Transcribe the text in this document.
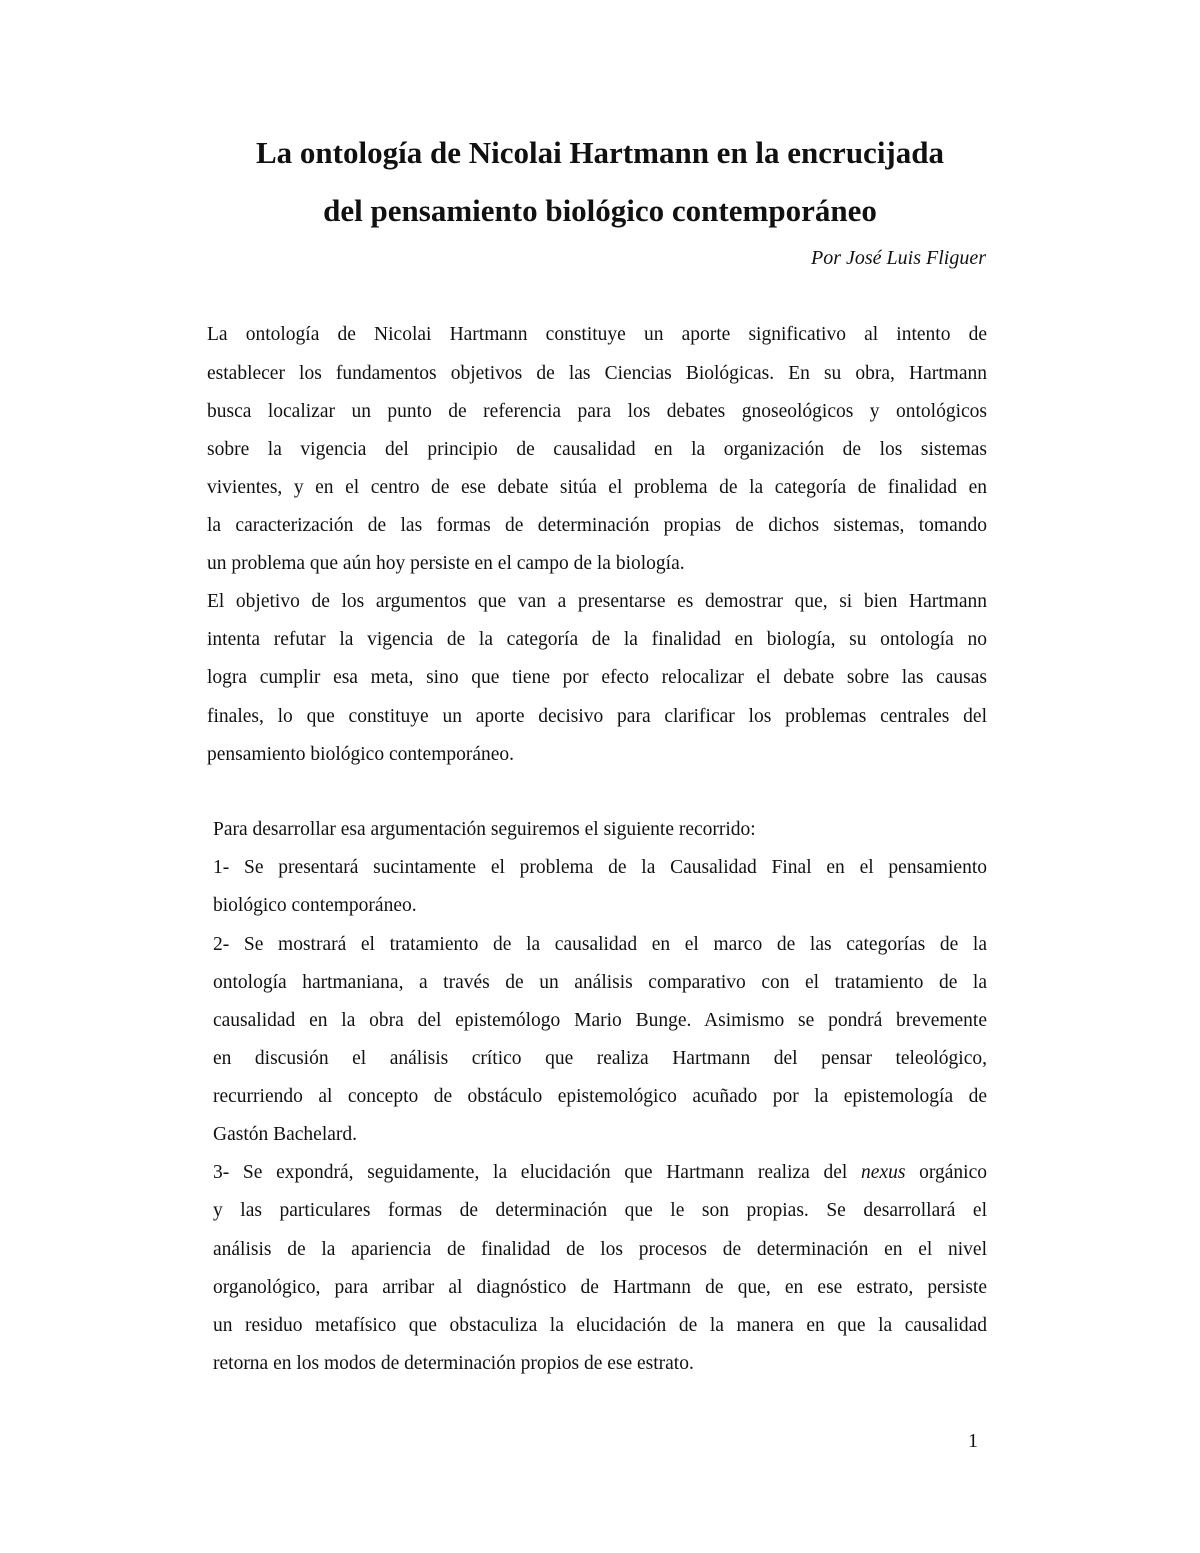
La ontología de Nicolai Hartmann en la encrucijada
del pensamiento biológico contemporáneo
Por José Luis Fliguer
La ontología de Nicolai Hartmann constituye un aporte significativo al intento de
establecer los fundamentos objetivos de las Ciencias Biológicas. En su obra, Hartmann
busca localizar un punto de referencia para los debates gnoseológicos y ontológicos
sobre la vigencia del principio de causalidad en la organización de los sistemas
vivientes, y en el centro de ese debate sitúa el problema de la categoría de finalidad en
la caracterización de las formas de determinación propias de dichos sistemas, tomando
un problema que aún hoy persiste en el campo de la biología.
El objetivo de los argumentos que van a presentarse es demostrar que, si bien Hartmann
intenta refutar la vigencia de la categoría de la finalidad en biología, su ontología no
logra cumplir esa meta, sino que tiene por efecto relocalizar el debate sobre las causas
finales, lo que constituye un aporte decisivo para clarificar los problemas centrales del
pensamiento biológico contemporáneo.
Para desarrollar esa argumentación seguiremos el siguiente recorrido:
1- Se presentará sucintamente el problema de la Causalidad Final en el pensamiento
biológico contemporáneo.
2- Se mostrará el tratamiento de la causalidad en el marco de las categorías de la
ontología hartmaniana, a través de un análisis comparativo con el tratamiento de la
causalidad en la obra del epistemólogo Mario Bunge. Asimismo se pondrá brevemente
en discusión el análisis crítico que realiza Hartmann del pensar teleológico,
recurriendo al concepto de obstáculo epistemológico acuñado por la epistemología de
Gastón Bachelard.
3- Se expondrá, seguidamente, la elucidación que Hartmann realiza del nexus orgánico
y las particulares formas de determinación que le son propias. Se desarrollará el
análisis de la apariencia de finalidad de los procesos de determinación en el nivel
organológico, para arribar al diagnóstico de Hartmann de que, en ese estrato, persiste
un residuo metafísico que obstaculiza la elucidación de la manera en que la causalidad
retorna en los modos de determinación propios de ese estrato.
1
